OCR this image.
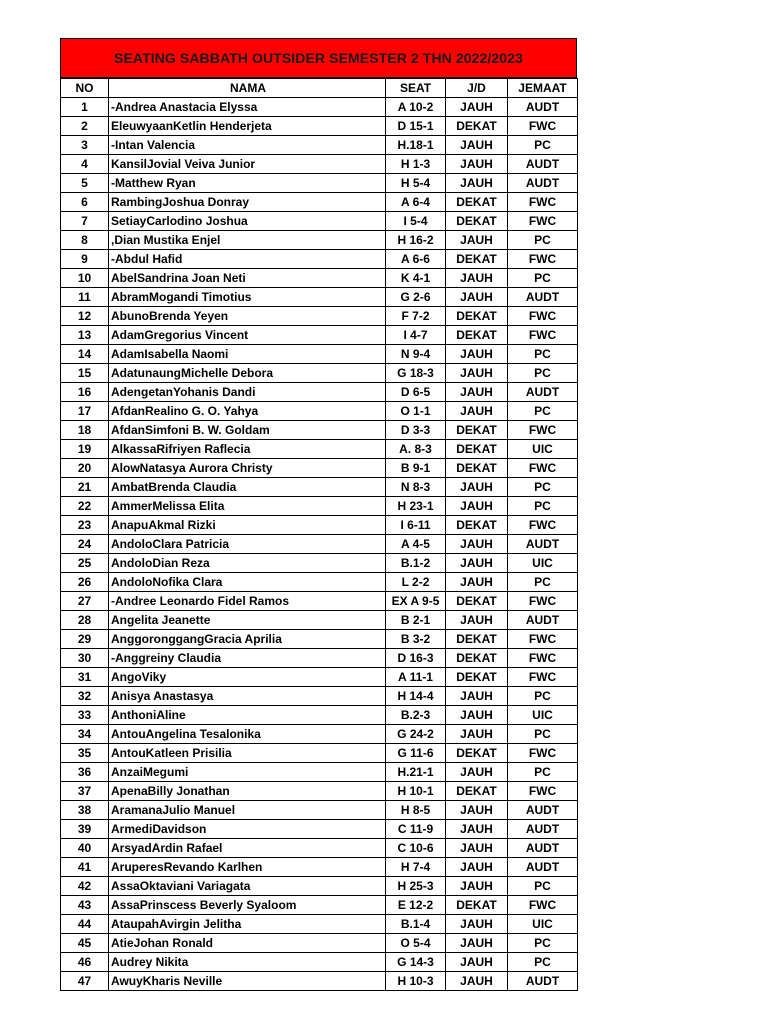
SEATING SABBATH OUTSIDER SEMESTER 2 THN 2022/2023
NO	NAMA	SEAT	J/D	JEMAAT
1	-Andrea Anastacia Elyssa	A 10-2	JAUH	AUDT
2	EleuwyaanKetlin Henderjeta	D 15-1	DEKAT	FWC
3	-Intan Valencia	H.18-1	JAUH	PC
4	KansilJovial Veiva Junior	H 1-3	JAUH	AUDT
5	-Matthew Ryan	H 5-4	JAUH	AUDT
6	RambingJoshua Donray	A 6-4	DEKAT	FWC
7	SetiayCarlodino Joshua	I 5-4	DEKAT	FWC
8	,Dian Mustika Enjel	H 16-2	JAUH	PC
9	-Abdul Hafid	A 6-6	DEKAT	FWC
10	AbelSandrina Joan Neti	K 4-1	JAUH	PC
11	AbramMogandi Timotius	G 2-6	JAUH	AUDT
12	AbunoBrenda Yeyen	F 7-2	DEKAT	FWC
13	AdamGregorius Vincent	I 4-7	DEKAT	FWC
14	AdamIsabella Naomi	N 9-4	JAUH	PC
15	AdatunaungMichelle Debora	G 18-3	JAUH	PC
16	AdengetanYohanis Dandi	D 6-5	JAUH	AUDT
17	AfdanRealino G. O. Yahya	O 1-1	JAUH	PC
18	AfdanSimfoni B. W. Goldam	D 3-3	DEKAT	FWC
19	AlkassaRifriyen Raflecia	A. 8-3	DEKAT	UIC
20	AlowNatasya Aurora Christy	B 9-1	DEKAT	FWC
21	AmbatBrenda Claudia	N 8-3	JAUH	PC
22	AmmerMelissa Elita	H 23-1	JAUH	PC
23	AnapuAkmal Rizki	I 6-11	DEKAT	FWC
24	AndoloClara Patricia	A 4-5	JAUH	AUDT
25	AndoloDian Reza	B.1-2	JAUH	UIC
26	AndoloNofika Clara	L 2-2	JAUH	PC
27	-Andree Leonardo Fidel Ramos	EX A 9-5	DEKAT	FWC
28	Angelita Jeanette	B 2-1	JAUH	AUDT
29	AnggoronggangGracia Aprilia	B 3-2	DEKAT	FWC
30	-Anggreiny Claudia	D 16-3	DEKAT	FWC
31	AngoViky	A 11-1	DEKAT	FWC
32	Anisya Anastasya	H 14-4	JAUH	PC
33	AnthoniAline	B.2-3	JAUH	UIC
34	AntouAngelina Tesalonika	G 24-2	JAUH	PC
35	AntouKatleen Prisilia	G 11-6	DEKAT	FWC
36	AnzaiMegumi	H.21-1	JAUH	PC
37	ApenaBilly Jonathan	H 10-1	DEKAT	FWC
38	AramanaJulio Manuel	H 8-5	JAUH	AUDT
39	ArmediDavidson	C 11-9	JAUH	AUDT
40	ArsyadArdin Rafael	C 10-6	JAUH	AUDT
41	AruperesRevando Karlhen	H 7-4	JAUH	AUDT
42	AssaOktaviani Variagata	H 25-3	JAUH	PC
43	AssaPrinscess Beverly Syaloom	E 12-2	DEKAT	FWC
44	AtaupahAvirgin Jelitha	B.1-4	JAUH	UIC
45	AtieJohan Ronald	O 5-4	JAUH	PC
46	Audrey Nikita	G 14-3	JAUH	PC
47	AwuyKharis Neville	H 10-3	JAUH	AUDT
